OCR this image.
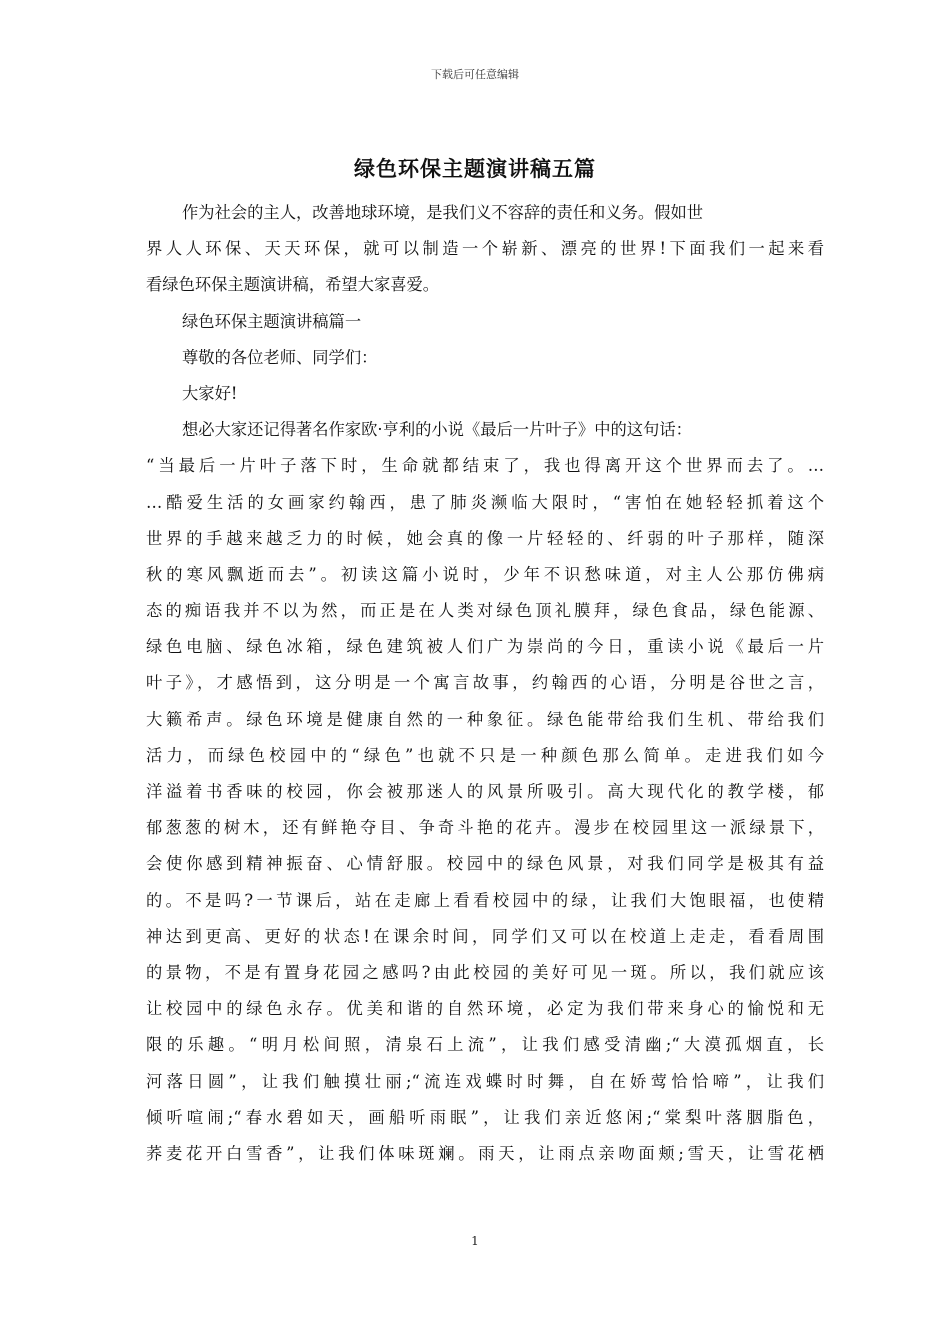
下载后可任意编辑
绿色环保主题演讲稿五篇
作为社会的主人，改善地球环境，是我们义不容辞的责任和义务。假如世
界人人环保、天天环保，就可以制造一个崭新、漂亮的世界!下面我们一起来看
看绿色环保主题演讲稿，希望大家喜爱。
绿色环保主题演讲稿篇一
尊敬的各位老师、同学们：
大家好!
想必大家还记得著名作家欧·亨利的小说《最后一片叶子》中的这句话：
“当最后一片叶子落下时，生命就都结束了，我也得离开这个世界而去了。…
…酷爱生活的女画家约翰西，患了肺炎濒临大限时，“害怕在她轻轻抓着这个
世界的手越来越乏力的时候，她会真的像一片轻轻的、纤弱的叶子那样，随深
秋的寒风飘逝而去”。初读这篇小说时，少年不识愁味道，对主人公那仿佛病
态的痴语我并不以为然，而正是在人类对绿色顶礼膜拜，绿色食品，绿色能源、
绿色电脑、绿色冰箱，绿色建筑被人们广为崇尚的今日，重读小说《最后一片
叶子》，才感悟到，这分明是一个寓言故事，约翰西的心语，分明是谷世之言，
大籁希声。绿色环境是健康自然的一种象征。绿色能带给我们生机、带给我们
活力，而绿色校园中的“绿色”也就不只是一种颜色那么简单。走进我们如今
洋溢着书香味的校园，你会被那迷人的风景所吸引。高大现代化的教学楼，郁
郁葱葱的树木，还有鲜艳夺目、争奇斗艳的花卉。漫步在校园里这一派绿景下，
会使你感到精神振奋、心情舒服。校园中的绿色风景，对我们同学是极其有益
的。不是吗?一节课后，站在走廊上看看校园中的绿，让我们大饱眼福，也使精
神达到更高、更好的状态!在课余时间，同学们又可以在校道上走走，看看周围
的景物，不是有置身花园之感吗?由此校园的美好可见一斑。所以，我们就应该
让校园中的绿色永存。优美和谐的自然环境，必定为我们带来身心的愉悦和无
限的乐趣。“明月松间照，清泉石上流”，让我们感受清幽;“大漠孤烟直，长
河落日圆”，让我们触摸壮丽;“流连戏蝶时时舞，自在娇莺恰恰啼”，让我们
倾听喧闹;“春水碧如天，画船听雨眠”，让我们亲近悠闲;“棠梨叶落胭脂色，
荞麦花开白雪香”，让我们体味斑斓。雨天，让雨点亲吻面颊;雪天，让雪花栖
1
